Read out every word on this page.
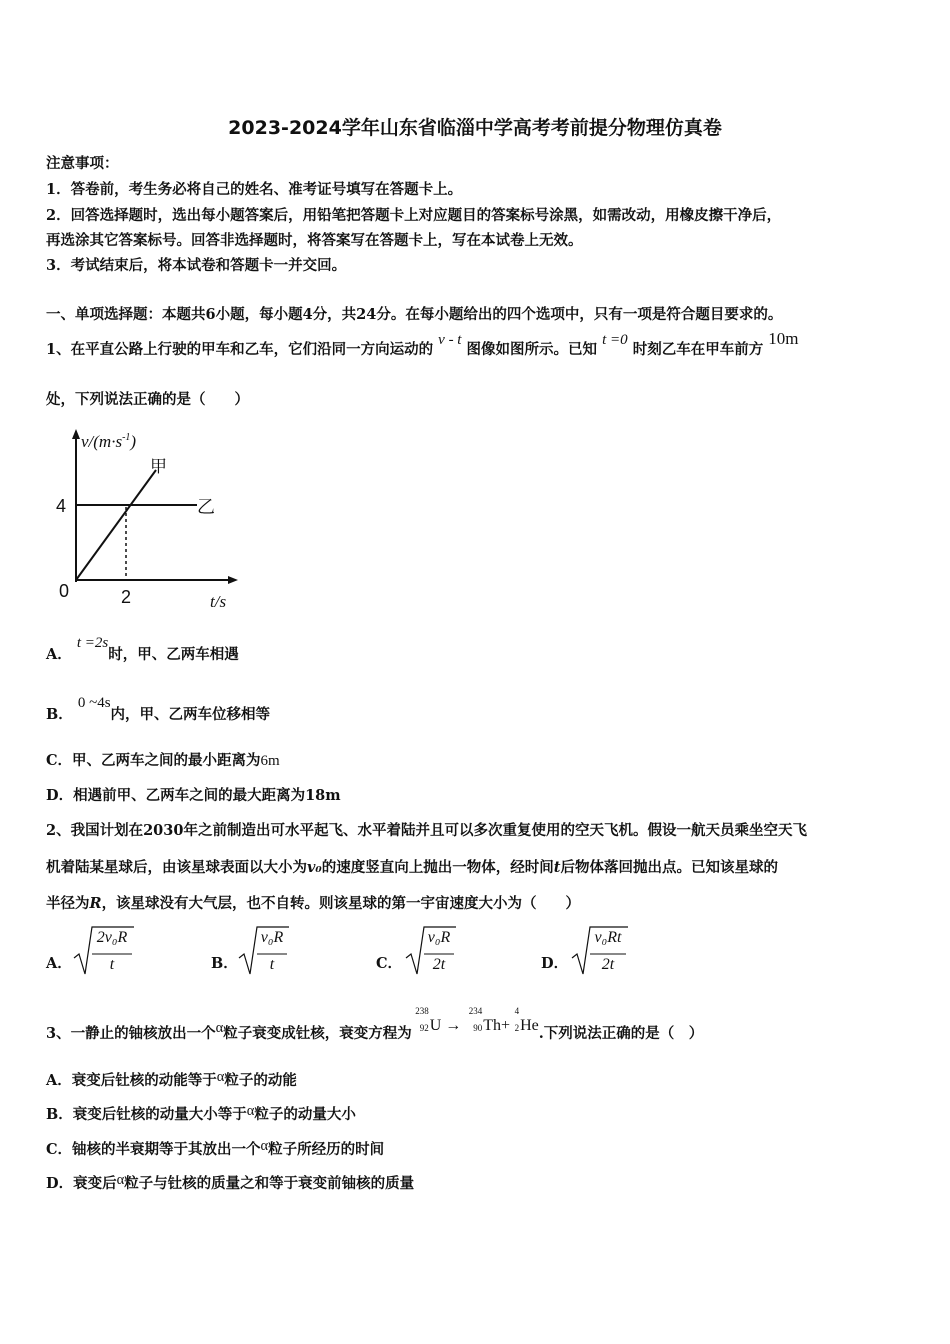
2023-2024学年山东省临淄中学高考考前提分物理仿真卷
注意事项：
1．答卷前，考生务必将自己的姓名、准考证号填写在答题卡上。
2．回答选择题时，选出每小题答案后，用铅笔把答题卡上对应题目的答案标号涂黑，如需改动，用橡皮擦干净后，
再选涂其它答案标号。回答非选择题时，将答案写在答题卡上，写在本试卷上无效。
3．考试结束后，将本试卷和答题卡一并交回。
一、单项选择题：本题共6小题，每小题4分，共24分。在每小题给出的四个选项中，只有一项是符合题目要求的。
1、在平直公路上行驶的甲车和乙车，它们沿同一方向运动的 v - t 图像如图所示。已知 t =0 时刻乙车在甲车前方 10m
处，下列说法正确的是（　　）
$v/(m\cdot s^{-1})$
甲
乙
4
0	2	t/s
A． t =2s时，甲、乙两车相遇
B． 0 ~4s内，甲、乙两车位移相等
C．甲、乙两车之间的最小距离为6m
D．相遇前甲、乙两车之间的最大距离为18m
2、我国计划在2030年之前制造出可水平起飞、水平着陆并且可以多次重复使用的空天飞机。假设一航天员乘坐空天飞
机着陆某星球后，由该星球表面以大小为v₀的速度竖直向上抛出一物体，经时间t后物体落回抛出点。已知该星球的
半径为R，该星球没有大气层，也不自转。则该星球的第一宇宙速度大小为（　　）
A．
2v₀R
t	B．
v₀R
t	C．
v₀R
2t	D．
v₀Rt
2t
3、一静止的铀核放出一个α粒子衰变成钍核，衰变方程为
238
92 U →
234
90 Th+
4
2 He.下列说法正确的是（　）
A．衰变后钍核的动能等于α粒子的动能
B．衰变后钍核的动量大小等于α粒子的动量大小
C．铀核的半衰期等于其放出一个α粒子所经历的时间
D．衰变后α粒子与钍核的质量之和等于衰变前铀核的质量
